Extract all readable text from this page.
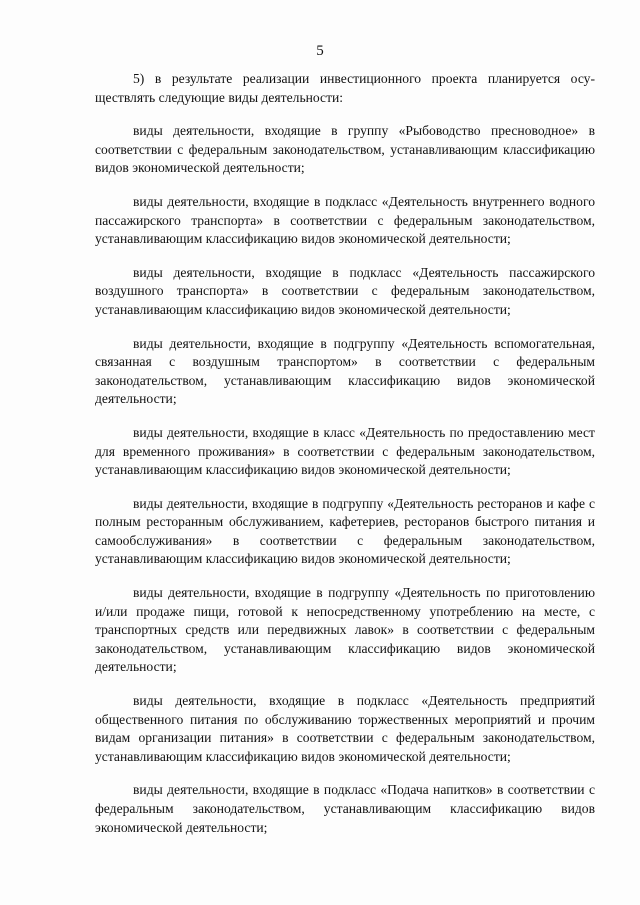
5

5) в результате реализации инвестиционного проекта планируется осуществлять следующие виды деятельности:

виды деятельности, входящие в группу «Рыбоводство пресноводное» в соответствии с федеральным законодательством, устанавливающим классификацию видов экономической деятельности;

виды деятельности, входящие в подкласс «Деятельность внутреннего водного пассажирского транспорта» в соответствии с федеральным законодательством, устанавливающим классификацию видов экономической деятельности;

виды деятельности, входящие в подкласс «Деятельность пассажирского воздушного транспорта» в соответствии с федеральным законодательством, устанавливающим классификацию видов экономической деятельности;

виды деятельности, входящие в подгруппу «Деятельность вспомогательная, связанная с воздушным транспортом» в соответствии с федеральным законодательством, устанавливающим классификацию видов экономической деятельности;

виды деятельности, входящие в класс «Деятельность по предоставлению мест для временного проживания» в соответствии с федеральным законодательством, устанавливающим классификацию видов экономической деятельности;

виды деятельности, входящие в подгруппу «Деятельность ресторанов и кафе с полным ресторанным обслуживанием, кафетериев, ресторанов быстрого питания и самообслуживания» в соответствии с федеральным законодательством, устанавливающим классификацию видов экономической деятельности;

виды деятельности, входящие в подгруппу «Деятельность по приготовлению и/или продаже пищи, готовой к непосредственному употреблению на месте, с транспортных средств или передвижных лавок» в соответствии с федеральным законодательством, устанавливающим классификацию видов экономической деятельности;

виды деятельности, входящие в подкласс «Деятельность предприятий общественного питания по обслуживанию торжественных мероприятий и прочим видам организации питания» в соответствии с федеральным законодательством, устанавливающим классификацию видов экономической деятельности;

виды деятельности, входящие в подкласс «Подача напитков» в соответствии с федеральным законодательством, устанавливающим классификацию видов экономической деятельности;
